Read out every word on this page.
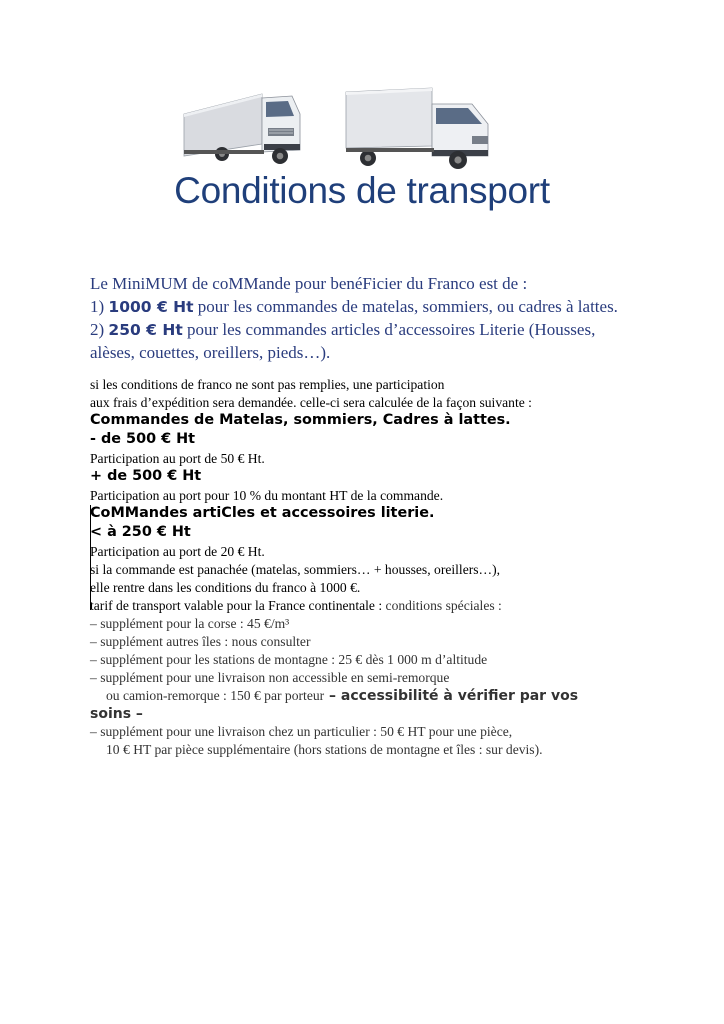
Conditions de transport
Le MiniMUM de coMMande pour benéFicier du Franco est de :
1) 1000 € Ht pour les commandes de matelas, sommiers, ou cadres à lattes.
2) 250 € Ht pour les commandes articles d’accessoires Literie (Housses,
alèses, couettes, oreillers, pieds…).
si les conditions de franco ne sont pas remplies, une participation
aux frais d’expédition sera demandée. celle-ci sera calculée de la façon suivante :
Commandes de Matelas, sommiers, Cadres à lattes.
- de 500 € Ht
Participation au port de 50 € Ht.
+ de 500 € Ht
Participation au port pour 10 % du montant HT de la commande.
CoMMandes artiCles et accessoires literie.
< à 250 € Ht
Participation au port de 20 € Ht.
si la commande est panachée (matelas, sommiers… + housses, oreillers…),
elle rentre dans les conditions du franco à 1000 €.
tarif de transport valable pour la France continentale : conditions spéciales :
– supplément pour la corse : 45 €/m³
– supplément autres îles : nous consulter
– supplément pour les stations de montagne : 25 € dès 1 000 m d’altitude
– supplément pour une livraison non accessible en semi-remorque
ou camion-remorque : 150 € par porteur – accessibilité à vérifier par vos
soins –
– supplément pour une livraison chez un particulier : 50 € HT pour une pièce,
10 € HT par pièce supplémentaire (hors stations de montagne et îles : sur devis).
